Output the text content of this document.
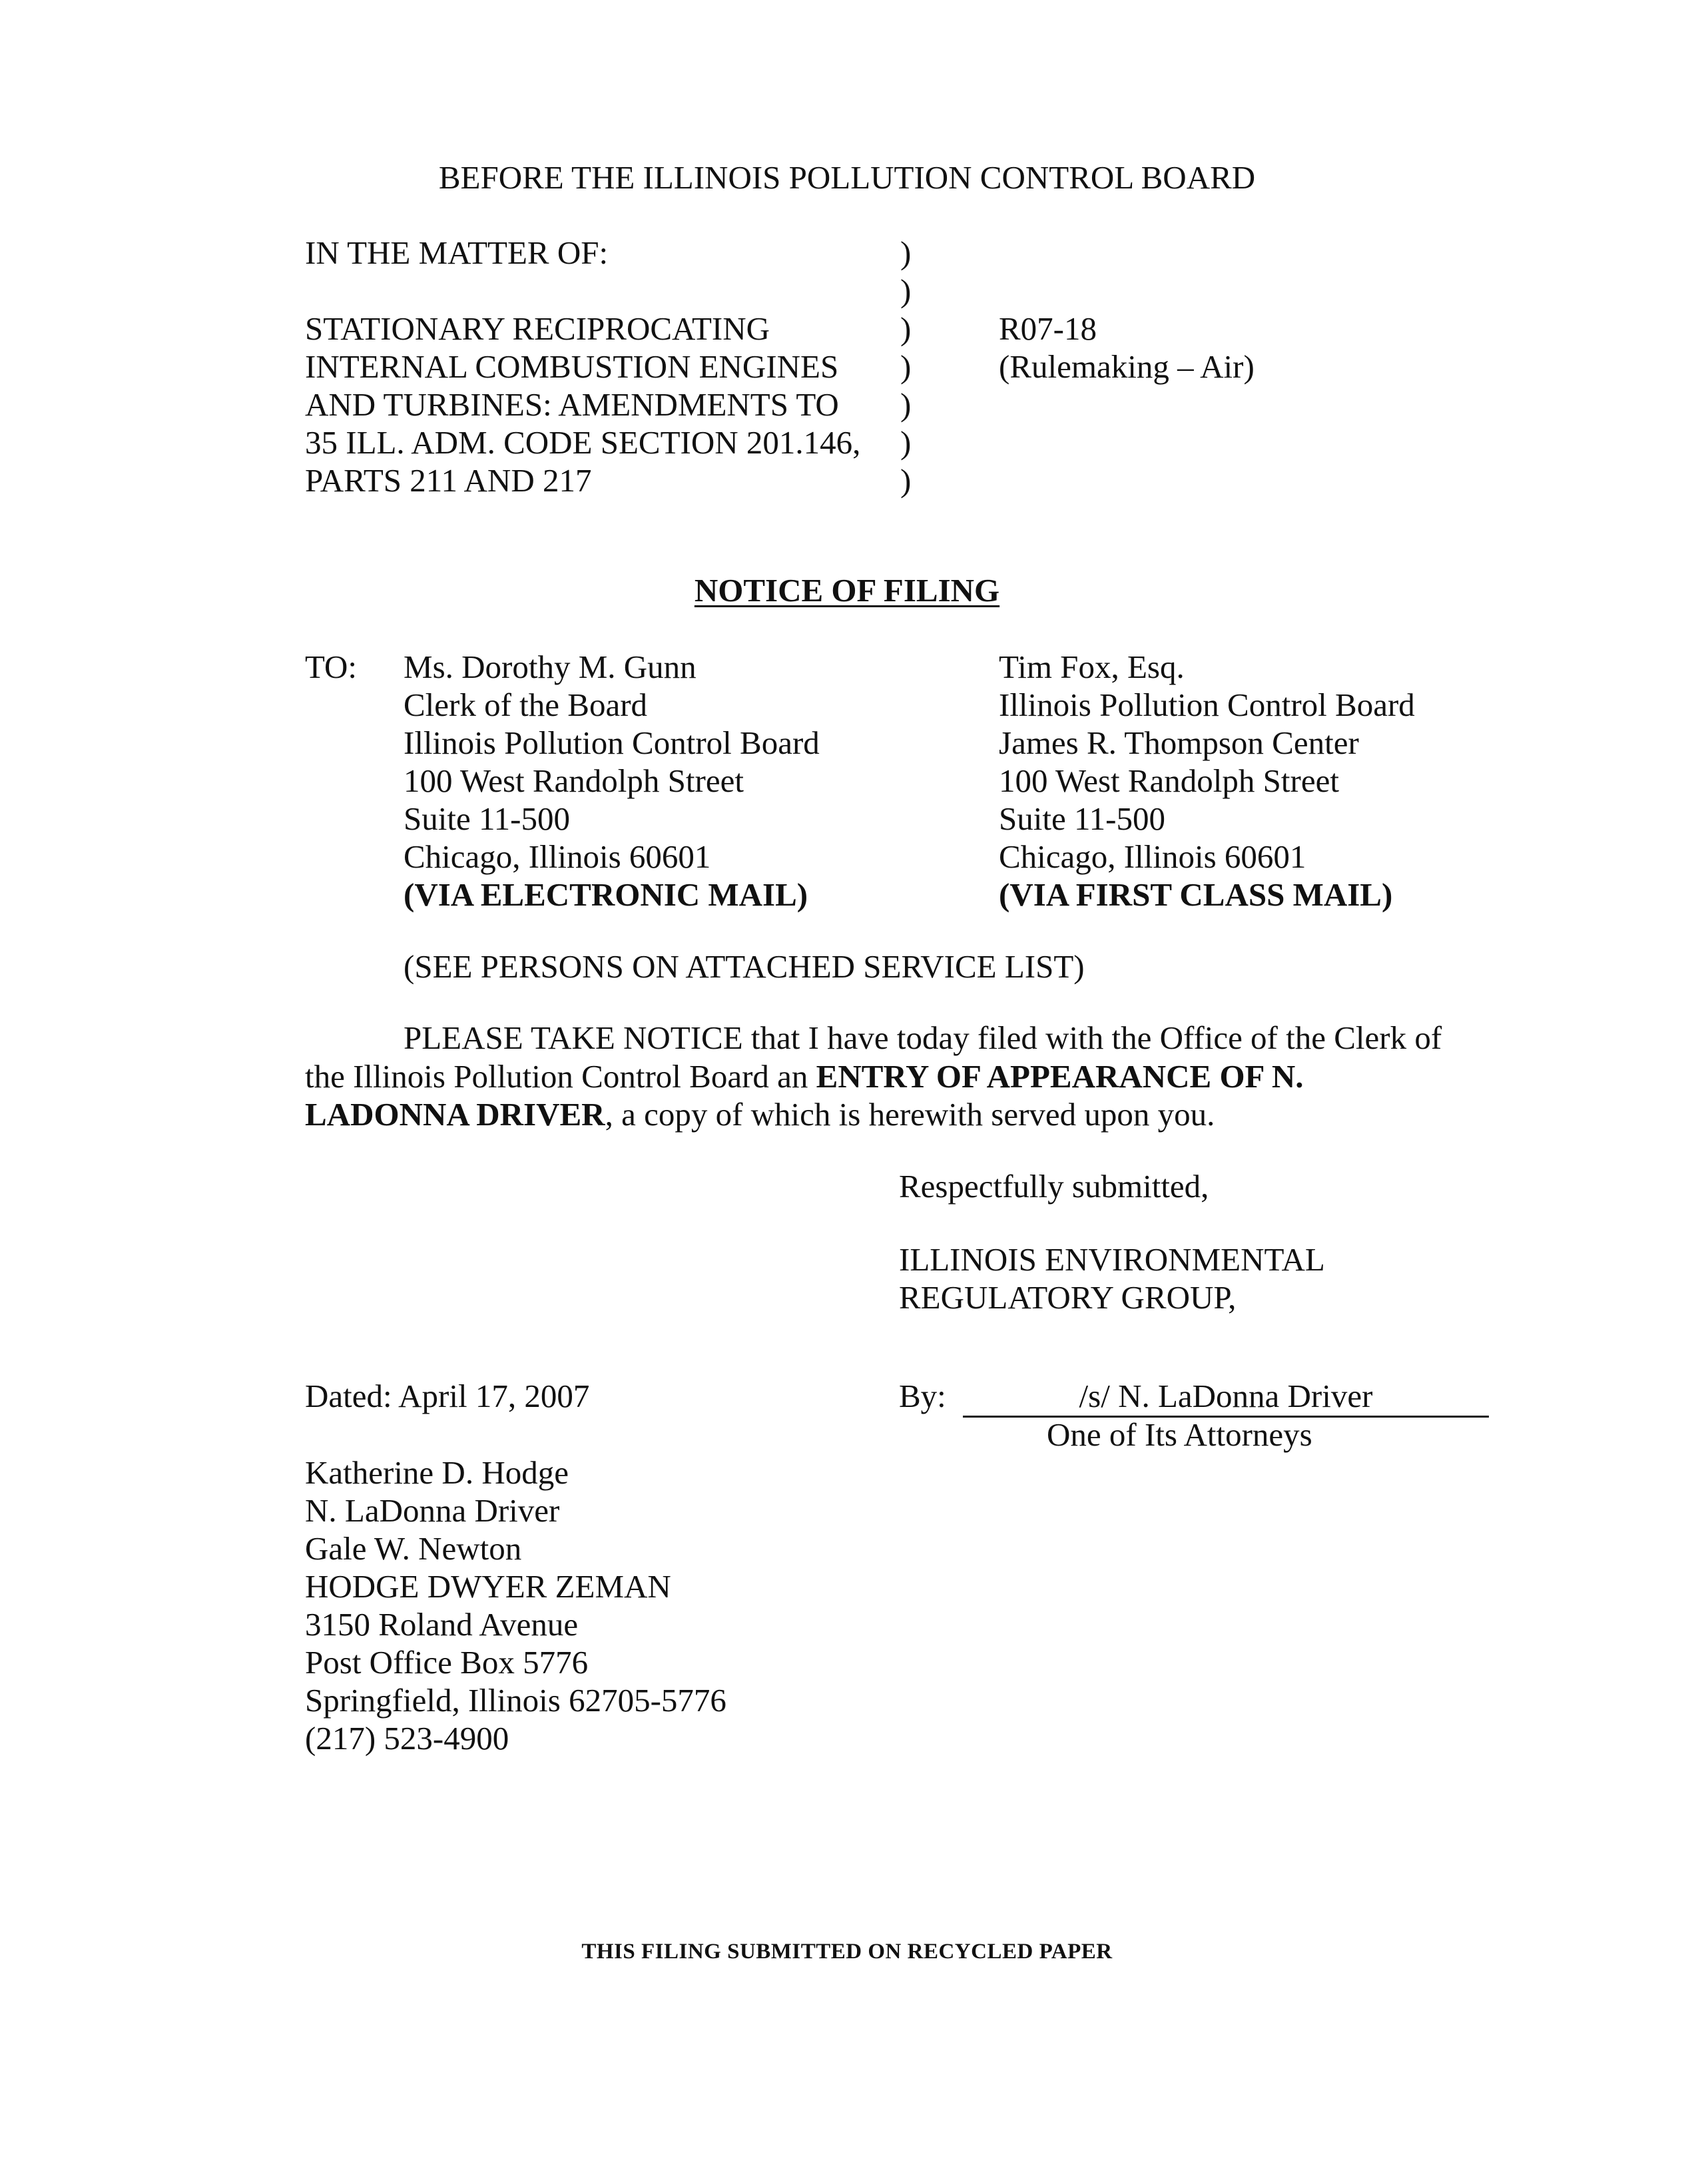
BEFORE THE ILLINOIS POLLUTION CONTROL BOARD
IN THE MATTER OF:
STATIONARY RECIPROCATING
INTERNAL COMBUSTION ENGINES
AND TURBINES: AMENDMENTS TO
35 ILL. ADM. CODE SECTION 201.146,
PARTS 211 AND 217
)
)
)
)
)
)
)
R07-18
(Rulemaking – Air)
NOTICE OF FILING
TO: Ms. Dorothy M. Gunn
Clerk of the Board
Illinois Pollution Control Board
100 West Randolph Street
Suite 11-500
Chicago, Illinois 60601
(VIA ELECTRONIC MAIL)
Tim Fox, Esq.
Illinois Pollution Control Board
James R. Thompson Center
100 West Randolph Street
Suite 11-500
Chicago, Illinois 60601
(VIA FIRST CLASS MAIL)
(SEE PERSONS ON ATTACHED SERVICE LIST)
PLEASE TAKE NOTICE that I have today filed with the Office of the Clerk of
the Illinois Pollution Control Board an ENTRY OF APPEARANCE OF N.
LADONNA DRIVER, a copy of which is herewith served upon you.
Respectfully submitted,
ILLINOIS ENVIRONMENTAL
REGULATORY GROUP,
Dated: April 17, 2007	By:	/s/ N. LaDonna Driver
One of Its Attorneys
Katherine D. Hodge
N. LaDonna Driver
Gale W. Newton
HODGE DWYER ZEMAN
3150 Roland Avenue
Post Office Box 5776
Springfield, Illinois 62705-5776
(217) 523-4900
THIS FILING SUBMITTED ON RECYCLED PAPER
